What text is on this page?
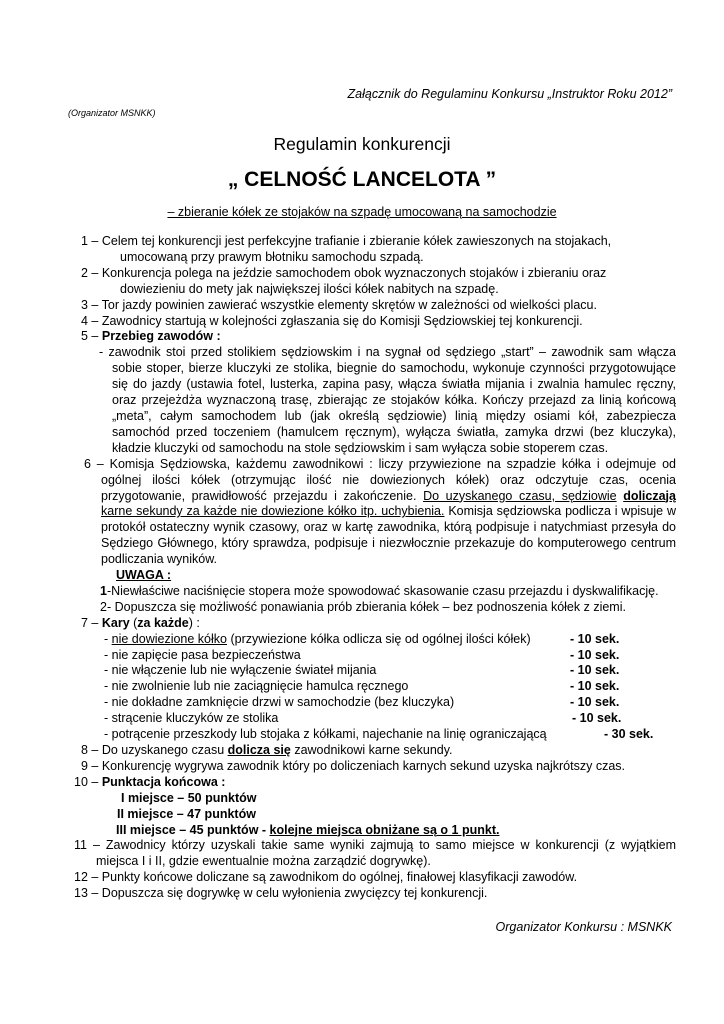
Załącznik do Regulaminu Konkursu „Instruktor Roku 2012”
(Organizator MSNKK)
Regulamin konkurencji
„ CELNOŚĆ LANCELOTA ”
– zbieranie kółek ze stojaków na szpadę umocowaną na samochodzie

1 – Celem tej konkurencji jest perfekcyjne trafianie i zbieranie kółek zawieszonych na stojakach,

umocowaną przy prawym błotniku samochodu szpadą.

2 – Konkurencja polega na jeździe samochodem obok wyznaczonych stojaków i zbieraniu oraz

dowiezieniu do mety jak największej ilości kółek nabitych na szpadę.

3 – Tor jazdy powinien zawierać wszystkie elementy skrętów w zależności od wielkości placu.

4 – Zawodnicy startują w kolejności zgłaszania się do Komisji Sędziowskiej tej konkurencji.

5 – Przebieg zawodów :

- zawodnik stoi przed stolikiem sędziowskim i na sygnał od sędziego „start” – zawodnik sam włącza sobie stoper, bierze kluczyki ze stolika, biegnie do samochodu, wykonuje czynności przygotowujące się do jazdy (ustawia fotel, lusterka, zapina pasy, włącza światła mijania i zwalnia hamulec ręczny, oraz przejeżdża wyznaczoną trasę, zbierając ze stojaków kółka. Kończy przejazd za linią końcową „meta”, całym samochodem lub (jak określą sędziowie) linią między osiami kół, zabezpiecza samochód przed toczeniem (hamulcem ręcznym), wyłącza światła, zamyka drzwi (bez kluczyka), kładzie kluczyki od samochodu na stole sędziowskim i sam wyłącza sobie stoperem czas.

6 – Komisja Sędziowska, każdemu zawodnikowi : liczy przywiezione na szpadzie kółka i odejmuje od ogólnej ilości kółek (otrzymując ilość nie dowiezionych kółek) oraz odczytuje czas, ocenia przygotowanie, prawidłowość przejazdu i zakończenie. Do uzyskanego czasu, sędziowie doliczają karne sekundy za każde nie dowiezione kółko itp. uchybienia. Komisja sędziowska podlicza i wpisuje w protokół ostateczny wynik czasowy, oraz w kartę zawodnika, którą podpisuje i natychmiast przesyła do Sędziego Głównego, który sprawdza, podpisuje i niezwłocznie przekazuje do komputerowego centrum podliczania wyników.

UWAGA :

1-Niewłaściwe naciśnięcie stopera może spowodować skasowanie czasu przejazdu i dyskwalifikację.

2- Dopuszcza się możliwość ponawiania prób zbierania kółek – bez podnoszenia kółek z ziemi.

7 – Kary (za każde) :

- nie dowiezione kółko (przywiezione kółka odlicza się od ogólnej ilości kółek)	- 10 sek.
- nie zapięcie pasa bezpieczeństwa	- 10 sek.
- nie włączenie lub nie wyłączenie świateł mijania	- 10 sek.
- nie zwolnienie lub nie zaciągnięcie hamulca ręcznego	- 10 sek.
- nie dokładne zamknięcie drzwi w samochodzie (bez kluczyka)	- 10 sek.
- strącenie kluczyków ze stolika	- 10 sek.
- potrącenie przeszkody lub stojaka z kółkami, najechanie na linię ograniczającą	- 30 sek.

8 – Do uzyskanego czasu dolicza się zawodnikowi karne sekundy.

9 – Konkurencję wygrywa zawodnik który po doliczeniach karnych sekund uzyska najkrótszy czas.

10 – Punktacja końcowa :

I miejsce – 50 punktów

II miejsce – 47 punktów

III miejsce – 45 punktów - kolejne miejsca obniżane są o 1 punkt.

11 – Zawodnicy którzy uzyskali takie same wyniki zajmują to samo miejsce w konkurencji (z wyjątkiem miejsca I i II, gdzie ewentualnie można zarządzić dogrywkę).

12 – Punkty końcowe doliczane są zawodnikom do ogólnej, finałowej klasyfikacji zawodów.

13 – Dopuszcza się dogrywkę w celu wyłonienia zwycięzcy tej konkurencji.

Organizator Konkursu : MSNKK
